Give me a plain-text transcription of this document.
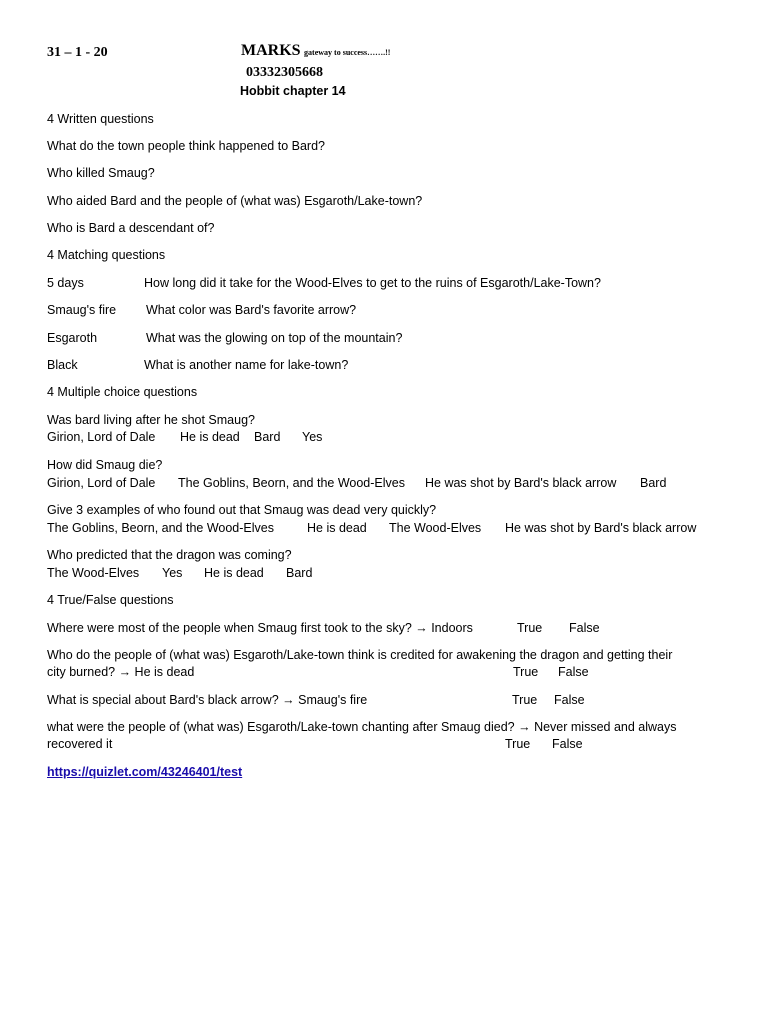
31 – 1 - 20	MARKS gateway to success…….!!
03332305668
Hobbit chapter 14
4 Written questions
What do the town people think happened to Bard?
Who killed Smaug?
Who aided Bard and the people of (what was) Esgaroth/Lake-town?
Who is Bard a descendant of?
4 Matching questions
5 days	How long did it take for the Wood-Elves to get to the ruins of Esgaroth/Lake-Town?
Smaug's fire What color was Bard's favorite arrow?
Esgaroth	What was the glowing on top of the mountain?
Black	What is another name for lake-town?
4 Multiple choice questions
Was bard living after he shot Smaug?
Girion, Lord of Dale He is dead Bard Yes
How did Smaug die?
Girion, Lord of Dale The Goblins, Beorn, and the Wood-Elves He was shot by Bard's black arrow Bard
Give 3 examples of who found out that Smaug was dead very quickly?
The Goblins, Beorn, and the Wood-Elves	He is dead The Wood-Elves He was shot by Bard's black arrow
Who predicted that the dragon was coming?
The Wood-Elves Yes He is dead Bard
4 True/False questions
Where were most of the people when Smaug first took to the sky? → Indoors	True False
Who do the people of (what was) Esgaroth/Lake-town think is credited for awakening the dragon and getting their
city burned? → He is dead	True False
What is special about Bard's black arrow? → Smaug's fire	True False
what were the people of (what was) Esgaroth/Lake-town chanting after Smaug died? → Never missed and always
recovered it	True False
https://quizlet.com/43246401/test
